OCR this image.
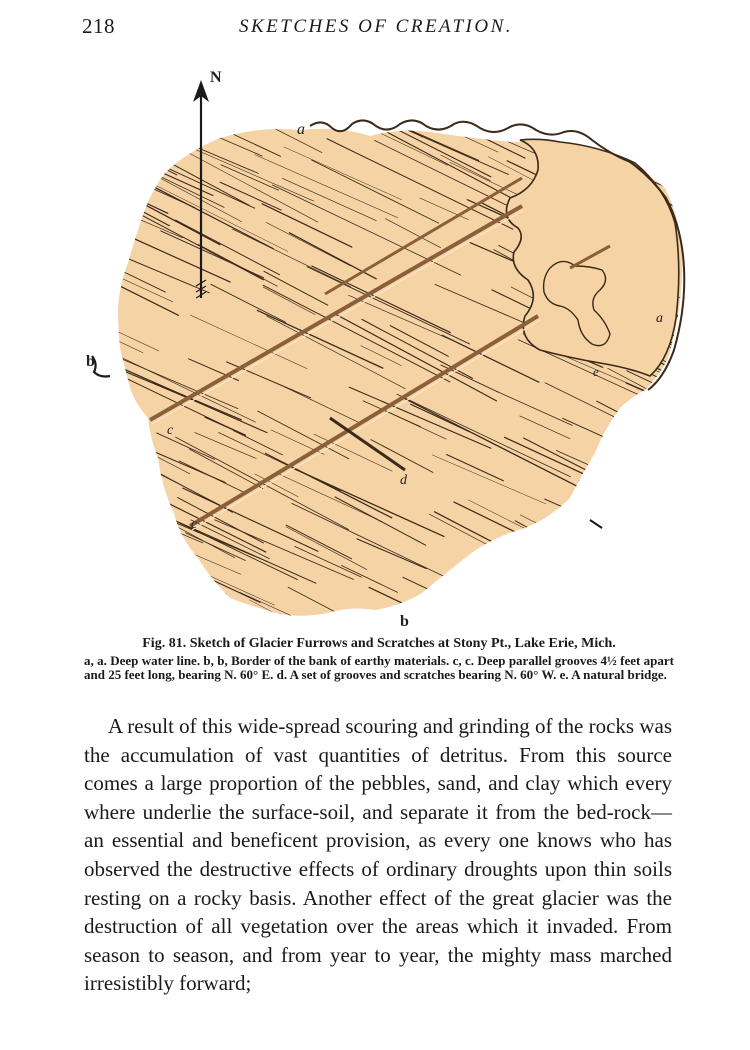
218	SKETCHES OF CREATION.
N
a
a
b
b
c
c
d
e
Fig. 81. Sketch of Glacier Furrows and Scratches at Stony Pt., Lake Erie, Mich.
a, a. Deep water line. b, b, Border of the bank of earthy materials. c, c. Deep parallel grooves 4½ feet apart and 25 feet long, bearing N. 60° E. d. A set of grooves and scratches bearing N. 60° W. e. A natural bridge.

A result of this wide-spread scouring and grinding of the rocks was the accumulation of vast quantities of detritus. From this source comes a large proportion of the pebbles, sand, and clay which every where underlie the surface-soil, and separate it from the bed-rock—an essential and beneficent provision, as every one knows who has observed the destructive effects of ordinary droughts upon thin soils resting on a rocky basis. Another effect of the great glacier was the destruction of all vegetation over the areas which it invaded. From season to season, and from year to year, the mighty mass marched irresistibly forward;
